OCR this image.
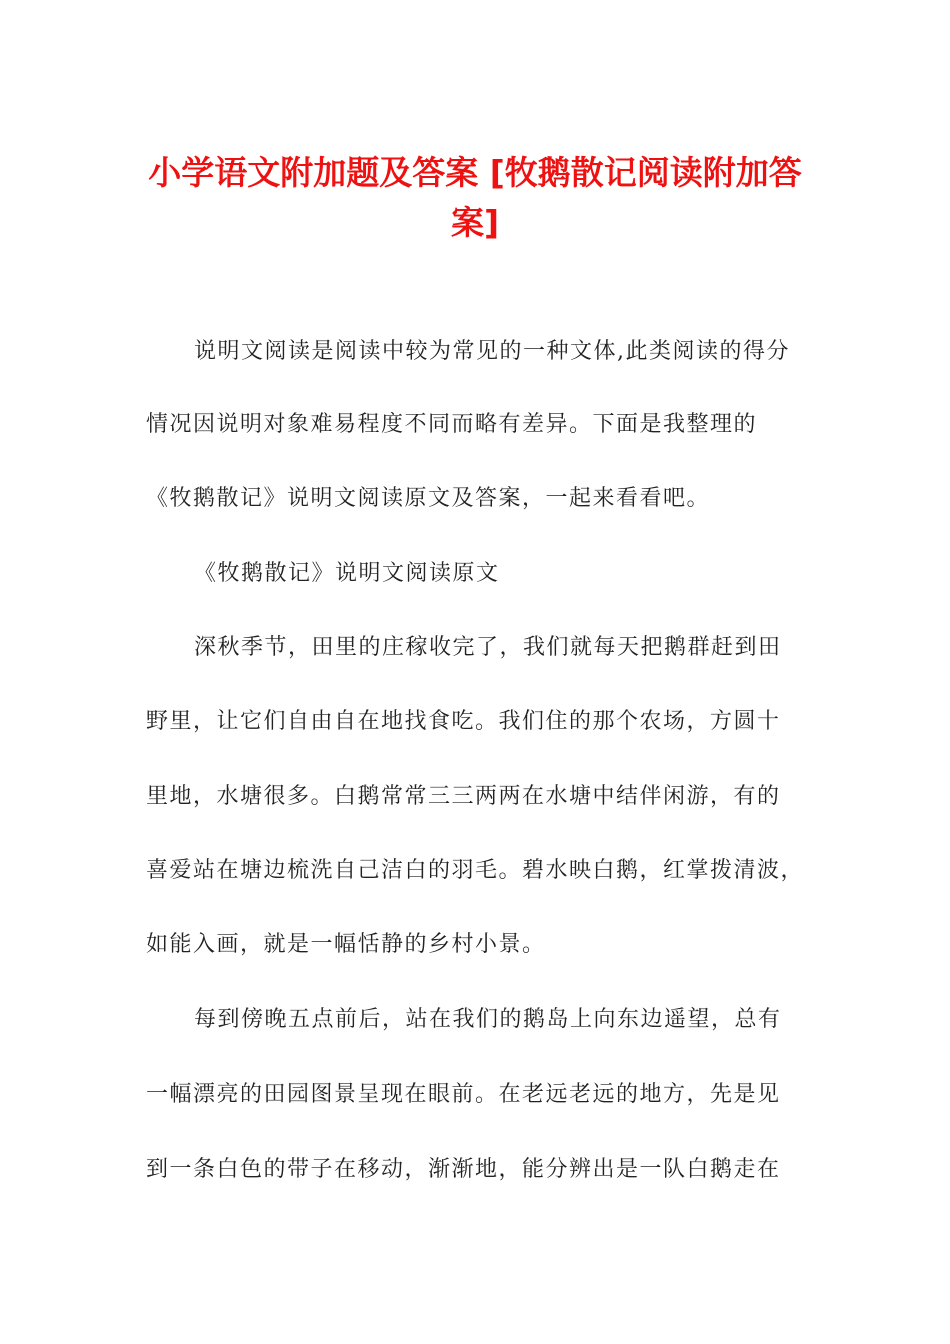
小学语文附加题及答案 [牧鹅散记阅读附加答案]

说明文阅读是阅读中较为常见的一种文体,此类阅读的得分

情况因说明对象难易程度不同而略有差异。下面是我整理的

《牧鹅散记》说明文阅读原文及答案，一起来看看吧。

《牧鹅散记》说明文阅读原文

深秋季节，田里的庄稼收完了，我们就每天把鹅群赶到田

野里，让它们自由自在地找食吃。我们住的那个农场，方圆十

里地，水塘很多。白鹅常常三三两两在水塘中结伴闲游，有的

喜爱站在塘边梳洗自己洁白的羽毛。碧水映白鹅，红掌拨清波，

如能入画，就是一幅恬静的乡村小景。

每到傍晚五点前后，站在我们的鹅岛上向东边遥望，总有

一幅漂亮的田园图景呈现在眼前。在老远老远的地方，先是见

到一条白色的带子在移动，渐渐地，能分辨出是一队白鹅走在
